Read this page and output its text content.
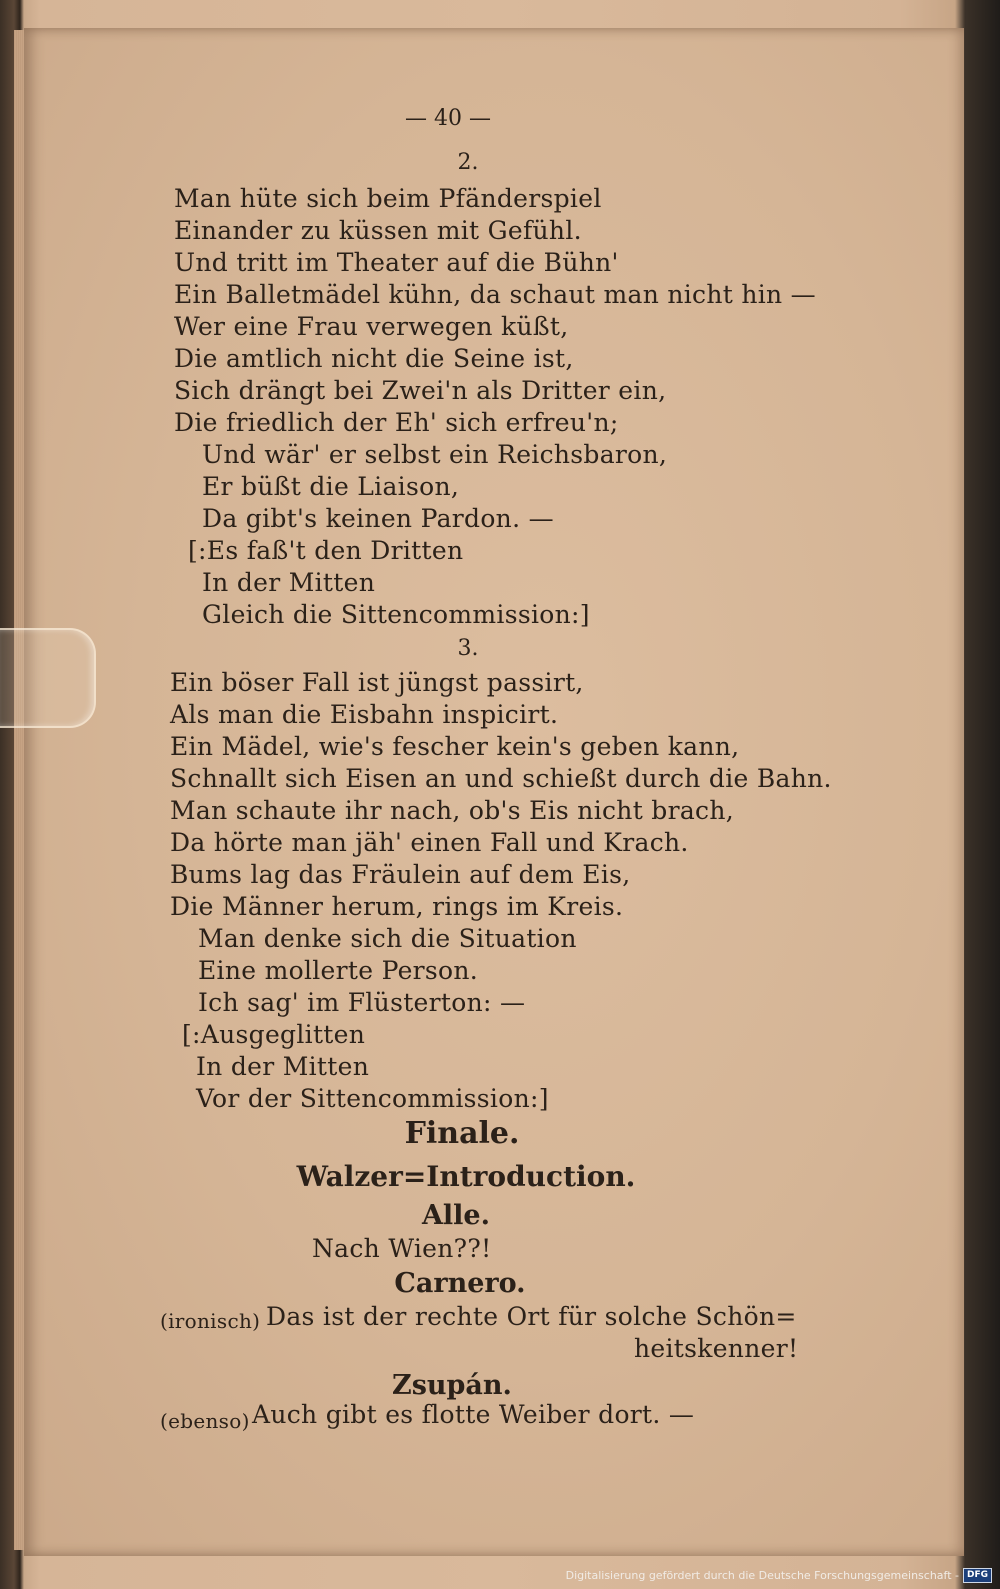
— 40 —
2.
Man hüte sich beim Pfänderspiel
Einander zu küssen mit Gefühl.
Und tritt im Theater auf die Bühn'
Ein Balletmädel kühn, da schaut man nicht hin —
Wer eine Frau verwegen küßt,
Die amtlich nicht die Seine ist,
Sich drängt bei Zwei'n als Dritter ein,
Die friedlich der Eh' sich erfreu'n;
Und wär' er selbst ein Reichsbaron,
Er büßt die Liaison,
Da gibt's keinen Pardon. —
[:Es faß't den Dritten
In der Mitten
Gleich die Sittencommission:]
3.
Ein böser Fall ist jüngst passirt,
Als man die Eisbahn inspicirt.
Ein Mädel, wie's fescher kein's geben kann,
Schnallt sich Eisen an und schießt durch die Bahn.
Man schaute ihr nach, ob's Eis nicht brach,
Da hörte man jäh' einen Fall und Krach.
Bums lag das Fräulein auf dem Eis,
Die Männer herum, rings im Kreis.
Man denke sich die Situation
Eine mollerte Person.
Ich sag' im Flüsterton: —
[:Ausgeglitten
In der Mitten
Vor der Sittencommission:]
Finale.
Walzer=Introduction.
Alle.
Nach Wien??!
Carnero.
(ironisch) Das ist der rechte Ort für solche Schön=
heitskenner!
Zsupán.
(ebenso) Auch gibt es flotte Weiber dort. —
Digitalisierung gefördert durch die Deutsche Forschungsgemeinschaft - DFG
